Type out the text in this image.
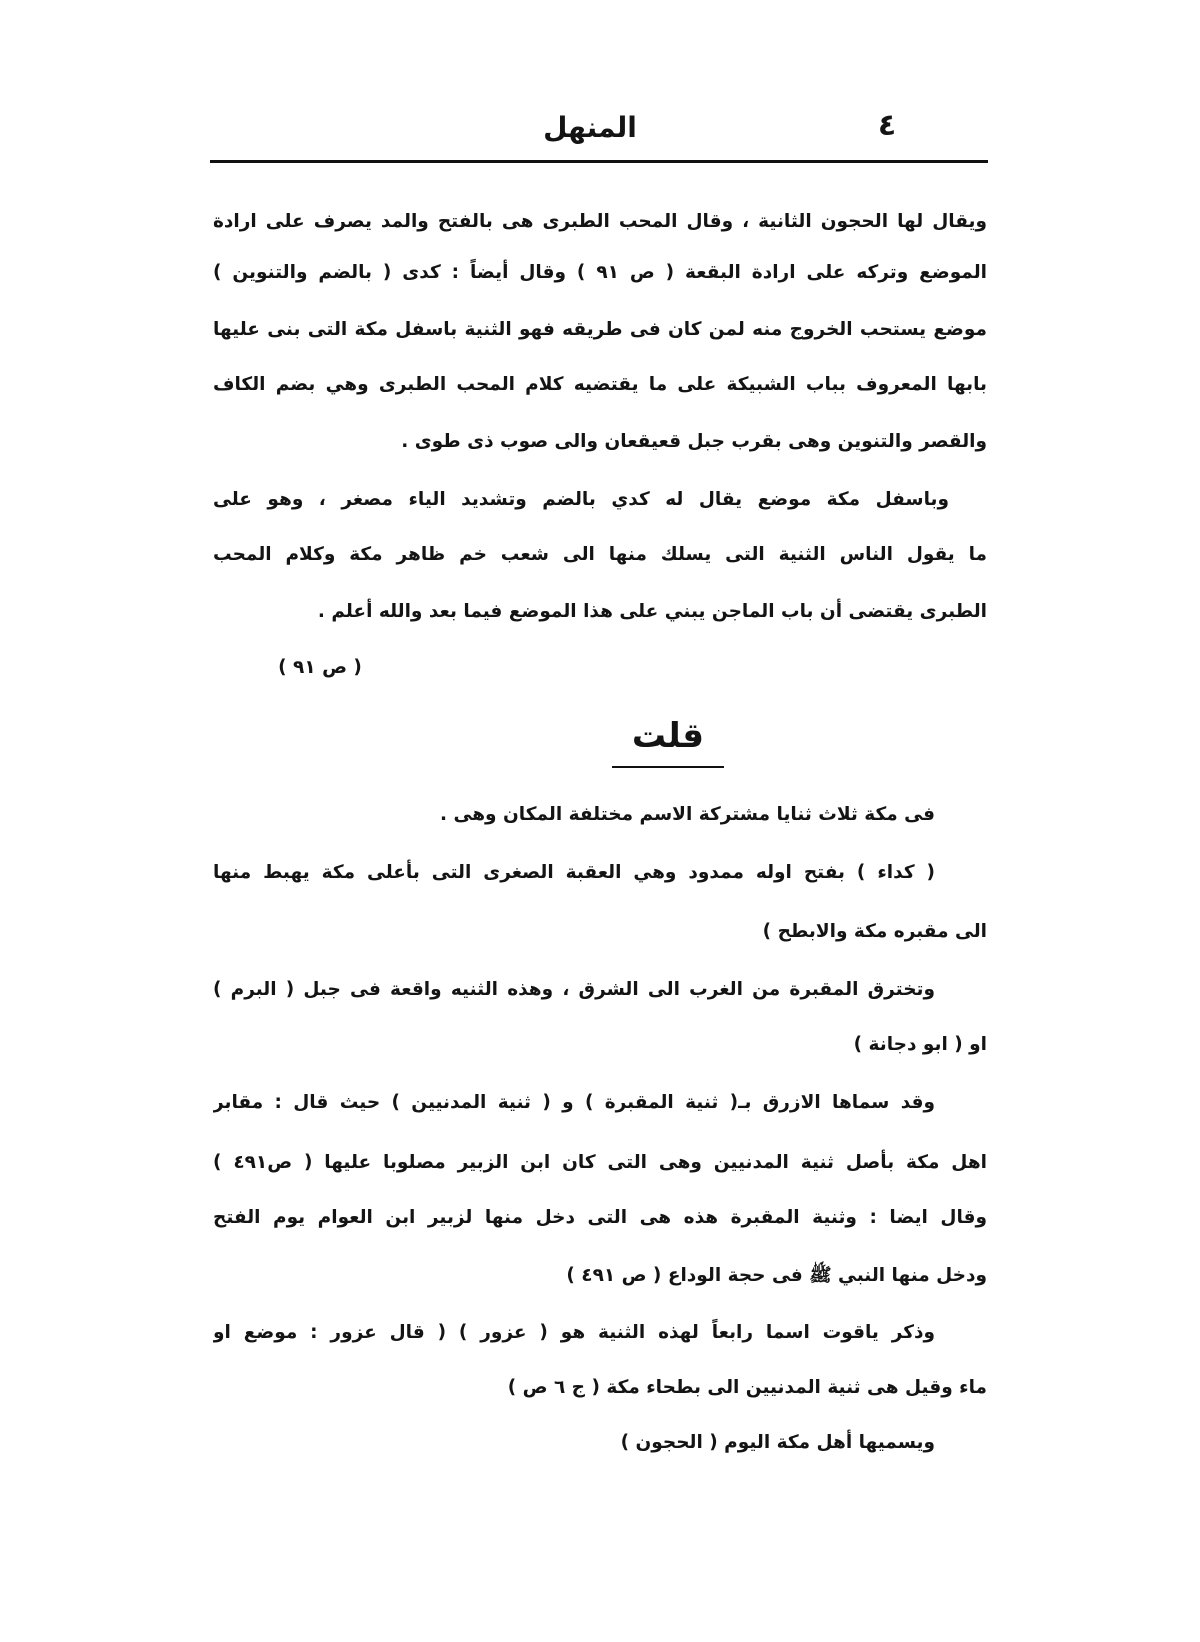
المنهل	٤
ويقال لها الحجون الثانية ، وقال المحب الطبرى هى بالفتح والمد يصرف على ارادة
الموضع وتركه على ارادة البقعة ( ص ٩١ ) وقال أيضاً : كدى ( بالضم والتنوين )
موضع يستحب الخروج منه لمن كان فى طريقه فهو الثنية باسفل مكة التى بنى عليها
بابها المعروف بباب الشبيكة على ما يقتضيه كلام المحب الطبرى وهي بضم الكاف
والقصر والتنوين وهى بقرب جبل قعيقعان والى صوب ذى طوى .
وباسفل مكة موضع يقال له كدي بالضم وتشديد الياء مصغر ، وهو على
ما يقول الناس الثنية التى يسلك منها الى شعب خم ظاهر مكة وكلام المحب
الطبرى يقتضى أن باب الماجن يبني على هذا الموضع فيما بعد والله أعلم .
( ص ٩١ )
قلت
فى مكة ثلاث ثنايا مشتركة الاسم مختلفة المكان وهى .
( كداء ) بفتح اوله ممدود وهي العقبة الصغرى التى بأعلى مكة يهبط منها
الى مقبره مكة والابطح )
وتخترق المقبرة من الغرب الى الشرق ، وهذه الثنيه واقعة فى جبل ( البرم )
او ( ابو دجانة )
وقد سماها الازرق بـ( ثنية المقبرة ) و ( ثنية المدنيين ) حيث قال : مقابر
اهل مكة بأصل ثنية المدنيين وهى التى كان ابن الزبير مصلوبا عليها ( ص٤٩١ )
وقال ايضا : وثنية المقبرة هذه هى التى دخل منها لزبير ابن العوام يوم الفتح
ودخل منها النبي ﷺ فى حجة الوداع ( ص ٤٩١ )
وذكر ياقوت اسما رابعاً لهذه الثنية هو ( عزور ) ( قال عزور : موضع او
ماء وقيل هى ثنية المدنيين الى بطحاء مكة ( ج ٦ ص )
ويسميها أهل مكة اليوم ( الحجون )
